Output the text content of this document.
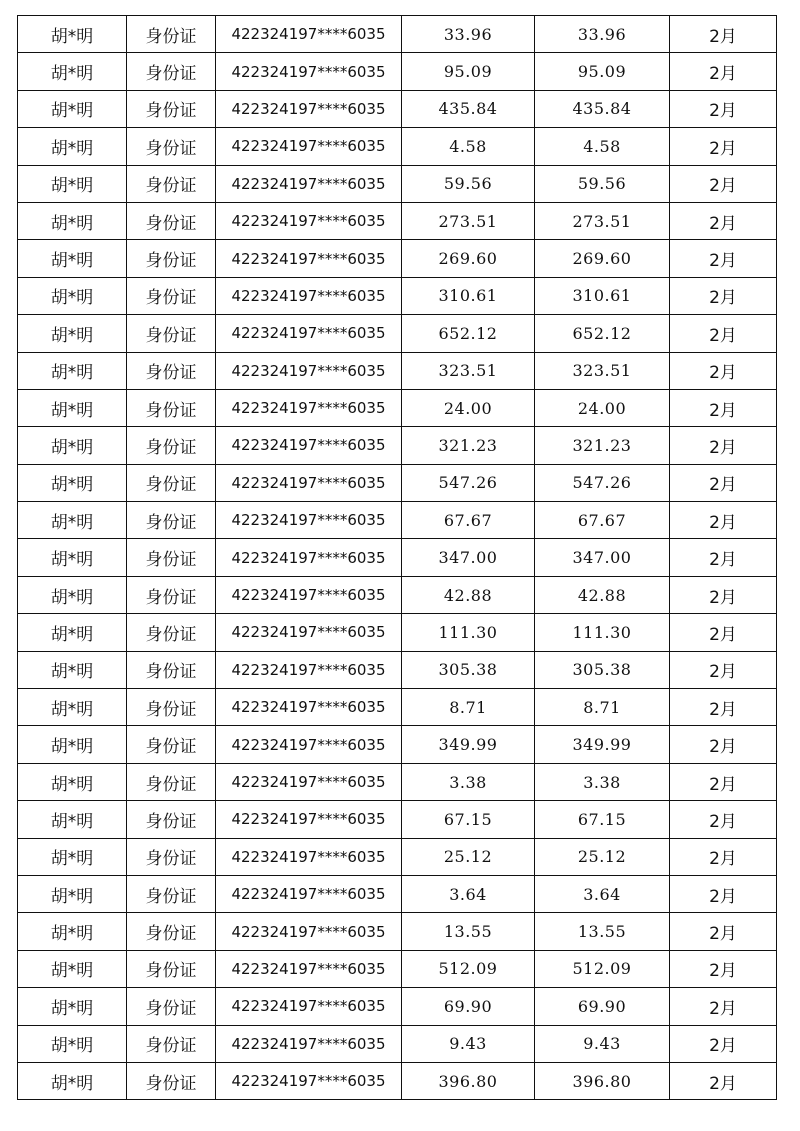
胡*明	身份证	422324197****6035	33.96	33.96	2月
胡*明	身份证	422324197****6035	95.09	95.09	2月
胡*明	身份证	422324197****6035	435.84	435.84	2月
胡*明	身份证	422324197****6035	4.58	4.58	2月
胡*明	身份证	422324197****6035	59.56	59.56	2月
胡*明	身份证	422324197****6035	273.51	273.51	2月
胡*明	身份证	422324197****6035	269.60	269.60	2月
胡*明	身份证	422324197****6035	310.61	310.61	2月
胡*明	身份证	422324197****6035	652.12	652.12	2月
胡*明	身份证	422324197****6035	323.51	323.51	2月
胡*明	身份证	422324197****6035	24.00	24.00	2月
胡*明	身份证	422324197****6035	321.23	321.23	2月
胡*明	身份证	422324197****6035	547.26	547.26	2月
胡*明	身份证	422324197****6035	67.67	67.67	2月
胡*明	身份证	422324197****6035	347.00	347.00	2月
胡*明	身份证	422324197****6035	42.88	42.88	2月
胡*明	身份证	422324197****6035	111.30	111.30	2月
胡*明	身份证	422324197****6035	305.38	305.38	2月
胡*明	身份证	422324197****6035	8.71	8.71	2月
胡*明	身份证	422324197****6035	349.99	349.99	2月
胡*明	身份证	422324197****6035	3.38	3.38	2月
胡*明	身份证	422324197****6035	67.15	67.15	2月
胡*明	身份证	422324197****6035	25.12	25.12	2月
胡*明	身份证	422324197****6035	3.64	3.64	2月
胡*明	身份证	422324197****6035	13.55	13.55	2月
胡*明	身份证	422324197****6035	512.09	512.09	2月
胡*明	身份证	422324197****6035	69.90	69.90	2月
胡*明	身份证	422324197****6035	9.43	9.43	2月
胡*明	身份证	422324197****6035	396.80	396.80	2月
